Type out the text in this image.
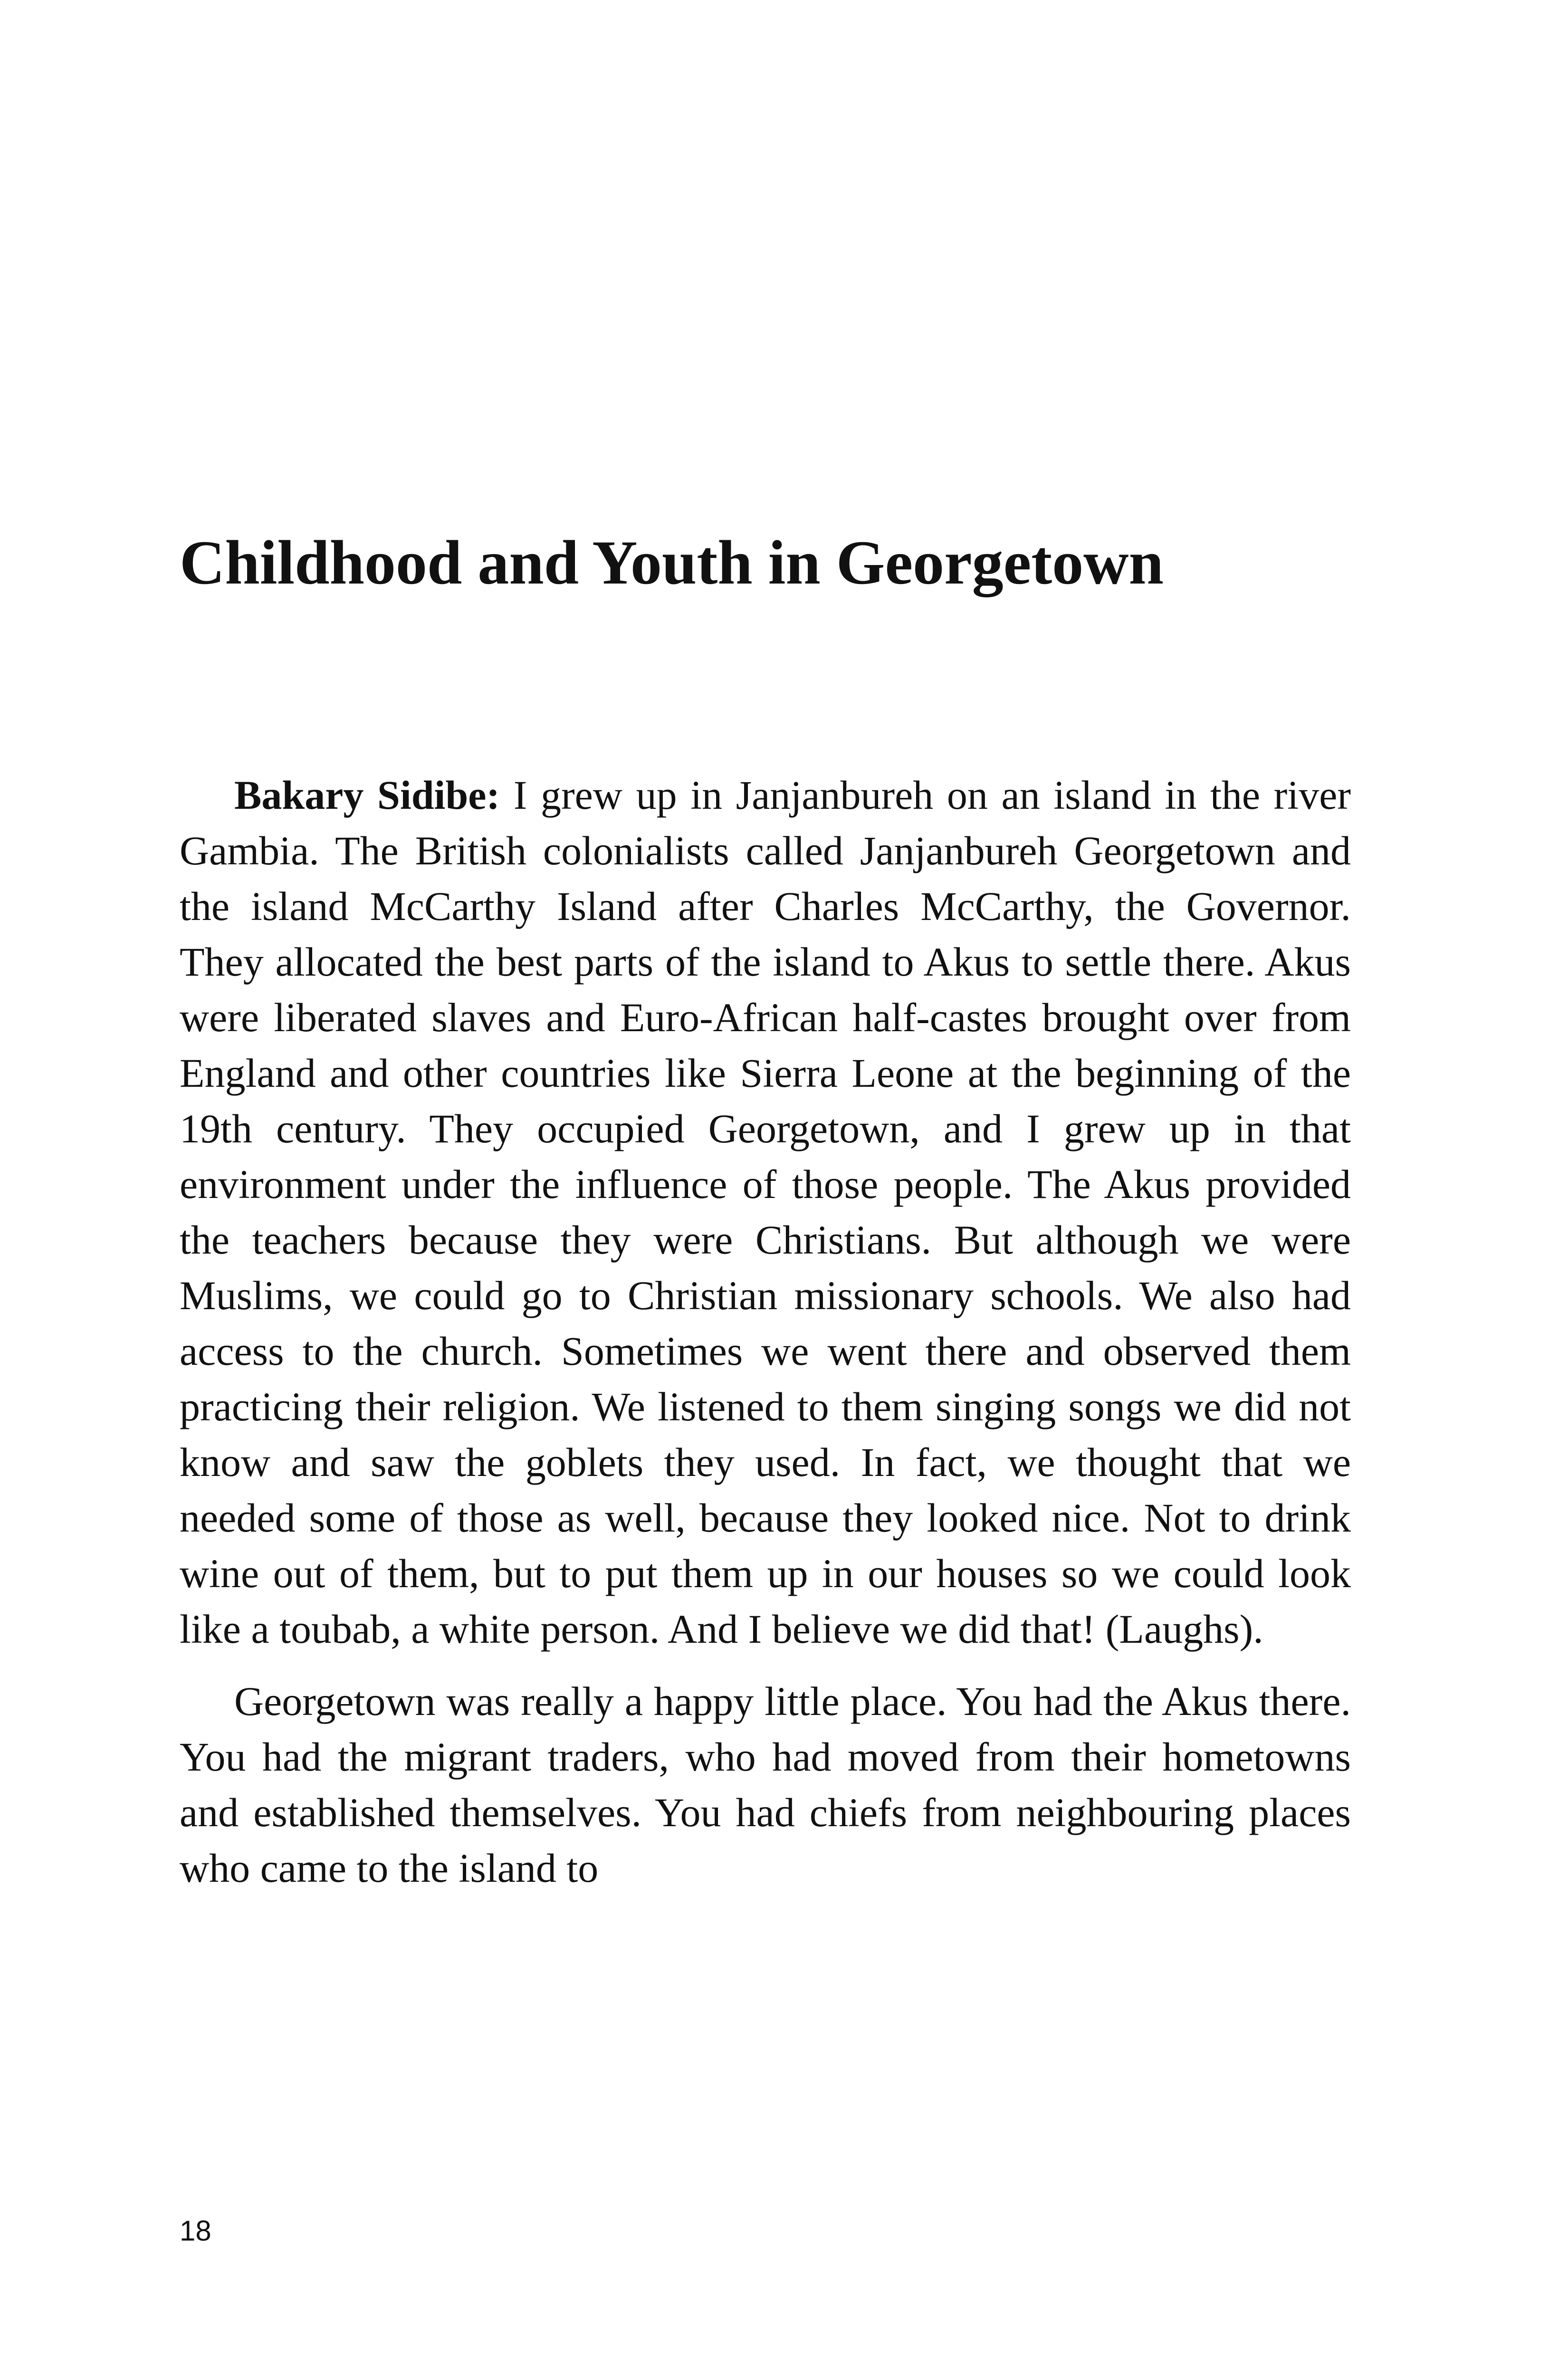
Childhood and Youth in Georgetown

Bakary Sidibe: I grew up in Janjanbureh on an island in the river Gambia. The British colonialists called Janjanbureh Georgetown and the island McCarthy Island after Charles McCarthy, the Governor. They allocated the best parts of the island to Akus to settle there. Akus were liberated slaves and Euro-African half-castes brought over from England and other countries like Sierra Leone at the beginning of the 19th century. They occupied Georgetown, and I grew up in that environment under the influence of those people. The Akus provided the teachers because they were Christians. But although we were Muslims, we could go to Christian missionary schools. We also had access to the church. Sometimes we went there and observed them practicing their religion. We listened to them singing songs we did not know and saw the goblets they used. In fact, we thought that we needed some of those as well, because they looked nice. Not to drink wine out of them, but to put them up in our houses so we could look like a toubab, a white person. And I believe we did that! (Laughs).

Georgetown was really a happy little place. You had the Akus there. You had the migrant traders, who had moved from their hometowns and established themselves. You had chiefs from neighbouring places who came to the island to

18
